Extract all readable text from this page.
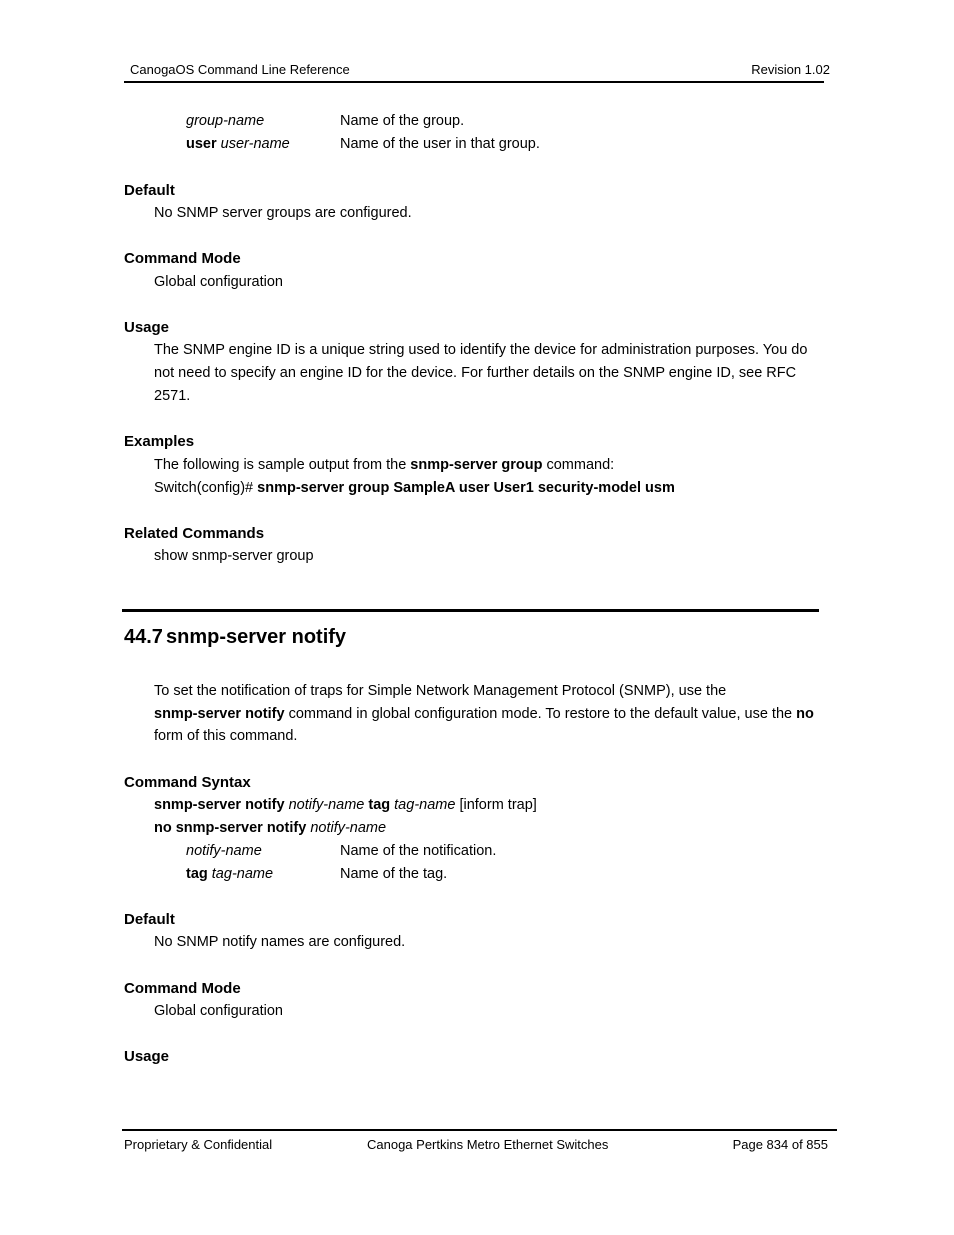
CanogaOS Command Line Reference	Revision 1.02
group-name	Name of the group.
user user-name	Name of the user in that group.
Default
No SNMP server groups are configured.
Command Mode
Global configuration
Usage
The SNMP engine ID is a unique string used to identify the device for administration purposes. You do
not need to specify an engine ID for the device. For further details on the SNMP engine ID, see RFC
2571.
Examples
The following is sample output from the snmp-server group command:
Switch(config)# snmp-server group SampleA user User1 security-model usm
Related Commands
show snmp-server group
44.7 snmp-server notify
To set the notification of traps for Simple Network Management Protocol (SNMP), use the
snmp-server notify command in global configuration mode. To restore to the default value, use the no
form of this command.
Command Syntax
snmp-server notify notify-name tag tag-name [inform trap]
no snmp-server notify notify-name
notify-name	Name of the notification.
tag tag-name	Name of the tag.
Default
No SNMP notify names are configured.
Command Mode
Global configuration
Usage
Proprietary & Confidential	Canoga Pertkins Metro Ethernet Switches	Page 834 of 855
